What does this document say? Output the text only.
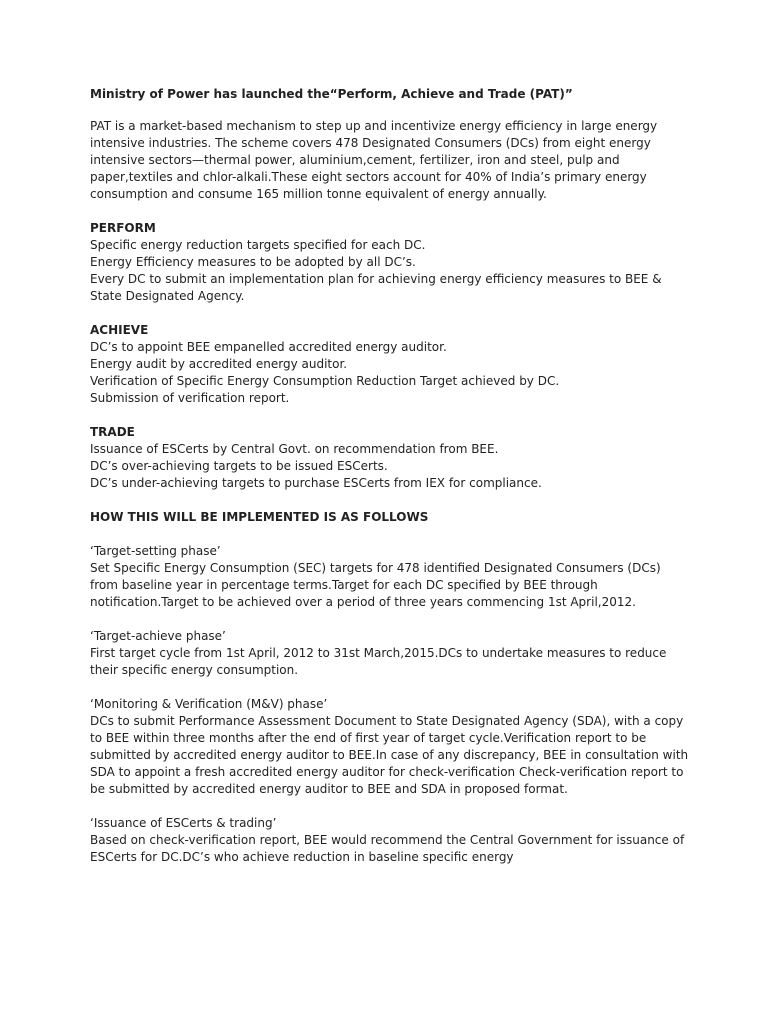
Ministry of Power has launched the“Perform, Achieve and Trade (PAT)”

PAT is a market-based mechanism to step up and incentivize energy efficiency in large energy intensive industries. The scheme covers 478 Designated Consumers (DCs) from eight energy intensive sectors—thermal power, aluminium,cement, fertilizer, iron and steel, pulp and paper,textiles and chlor-alkali.These eight sectors account for 40% of India’s primary energy consumption and consume 165 million tonne equivalent of energy annually.

PERFORM

Specific energy reduction targets specified for each DC.

Energy Efficiency measures to be adopted by all DC’s.

Every DC to submit an implementation plan for achieving energy efficiency measures to BEE & State Designated Agency.

ACHIEVE

DC’s to appoint BEE empanelled accredited energy auditor.

Energy audit by accredited energy auditor.

Verification of Specific Energy Consumption Reduction Target achieved by DC.

Submission of verification report.

TRADE

Issuance of ESCerts by Central Govt. on recommendation from BEE.

DC’s over-achieving targets to be issued ESCerts.

DC’s under-achieving targets to purchase ESCerts from IEX for compliance.

HOW THIS WILL BE IMPLEMENTED IS AS FOLLOWS

‘Target-setting phase’

Set Specific Energy Consumption (SEC) targets for 478 identified Designated Consumers (DCs) from baseline year in percentage terms.Target for each DC specified by BEE through notification.Target to be achieved over a period of three years commencing 1st April,2012.

‘Target-achieve phase’

First target cycle from 1st April, 2012 to 31st March,2015.DCs to undertake measures to reduce their specific energy consumption.

‘Monitoring & Verification (M&V) phase’

DCs to submit Performance Assessment Document to State Designated Agency (SDA), with a copy to BEE within three months after the end of first year of target cycle.Verification report to be submitted by accredited energy auditor to BEE.In case of any discrepancy, BEE in consultation with SDA to appoint a fresh accredited energy auditor for check-verification Check-verification report to be submitted by accredited energy auditor to BEE and SDA in proposed format.

‘Issuance of ESCerts & trading’

Based on check-verification report, BEE would recommend the Central Government for issuance of ESCerts for DC.DC’s who achieve reduction in baseline specific energy
